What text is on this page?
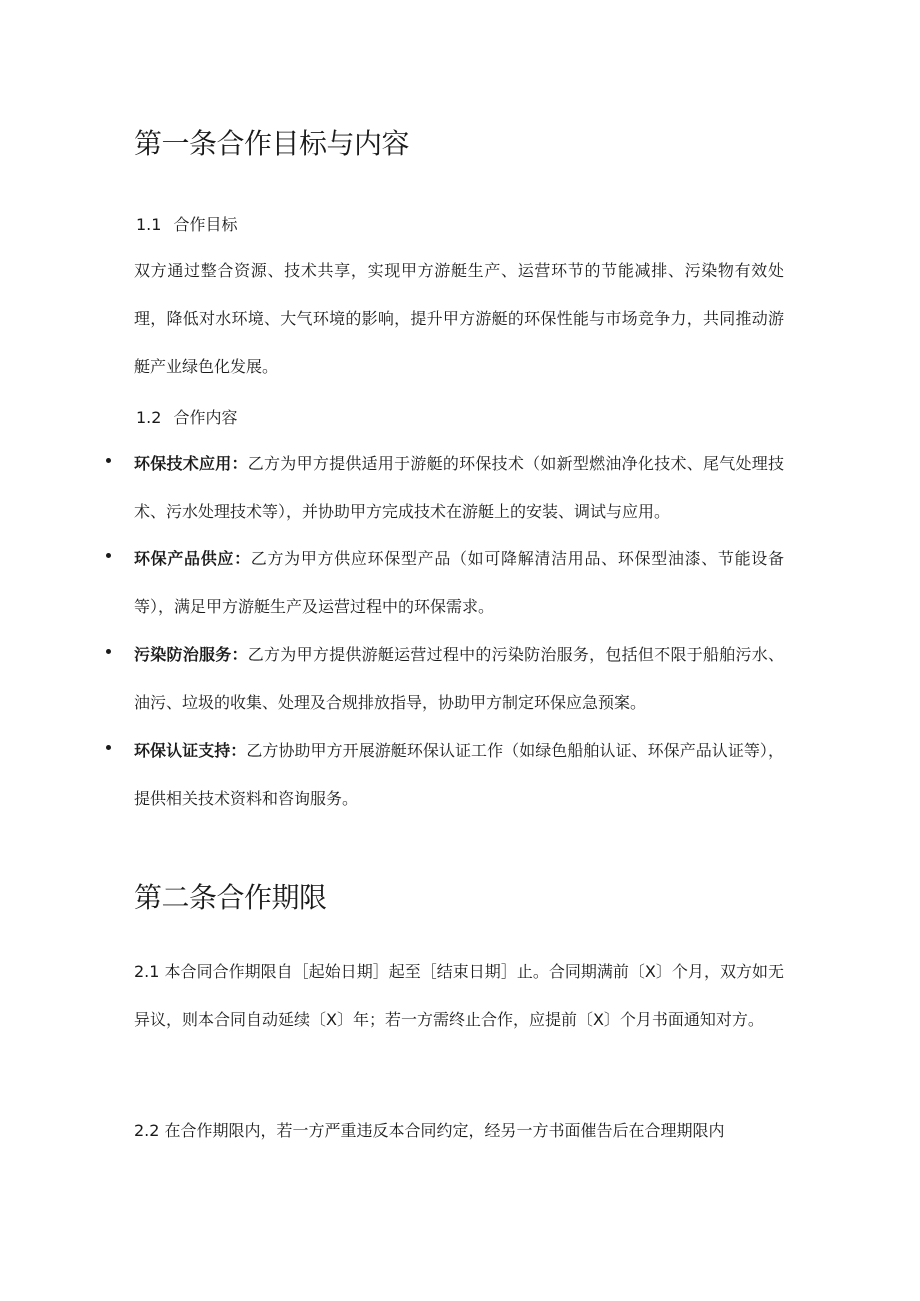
第一条合作目标与内容
1.1 合作目标

双方通过整合资源、技术共享，实现甲方游艇生产、运营环节的节能减排、污染物有效处理，降低对水环境、大气环境的影响，提升甲方游艇的环保性能与市场竞争力，共同推动游艇产业绿色化发展。

1.2 合作内容
环保技术应用：乙方为甲方提供适用于游艇的环保技术（如新型燃油净化技术、尾气处理技术、污水处理技术等），并协助甲方完成技术在游艇上的安装、调试与应用。
环保产品供应：乙方为甲方供应环保型产品（如可降解清洁用品、环保型油漆、节能设备等），满足甲方游艇生产及运营过程中的环保需求。
污染防治服务：乙方为甲方提供游艇运营过程中的污染防治服务，包括但不限于船舶污水、油污、垃圾的收集、处理及合规排放指导，协助甲方制定环保应急预案。
环保认证支持：乙方协助甲方开展游艇环保认证工作（如绿色船舶认证、环保产品认证等），提供相关技术资料和咨询服务。
第二条合作期限

2.1 本合同合作期限自［起始日期］起至［结束日期］止。合同期满前〔X〕个月，双方如无异议，则本合同自动延续〔X〕年；若一方需终止合作，应提前〔X〕个月书面通知对方。

2.2 在合作期限内，若一方严重违反本合同约定，经另一方书面催告后在合理期限内
